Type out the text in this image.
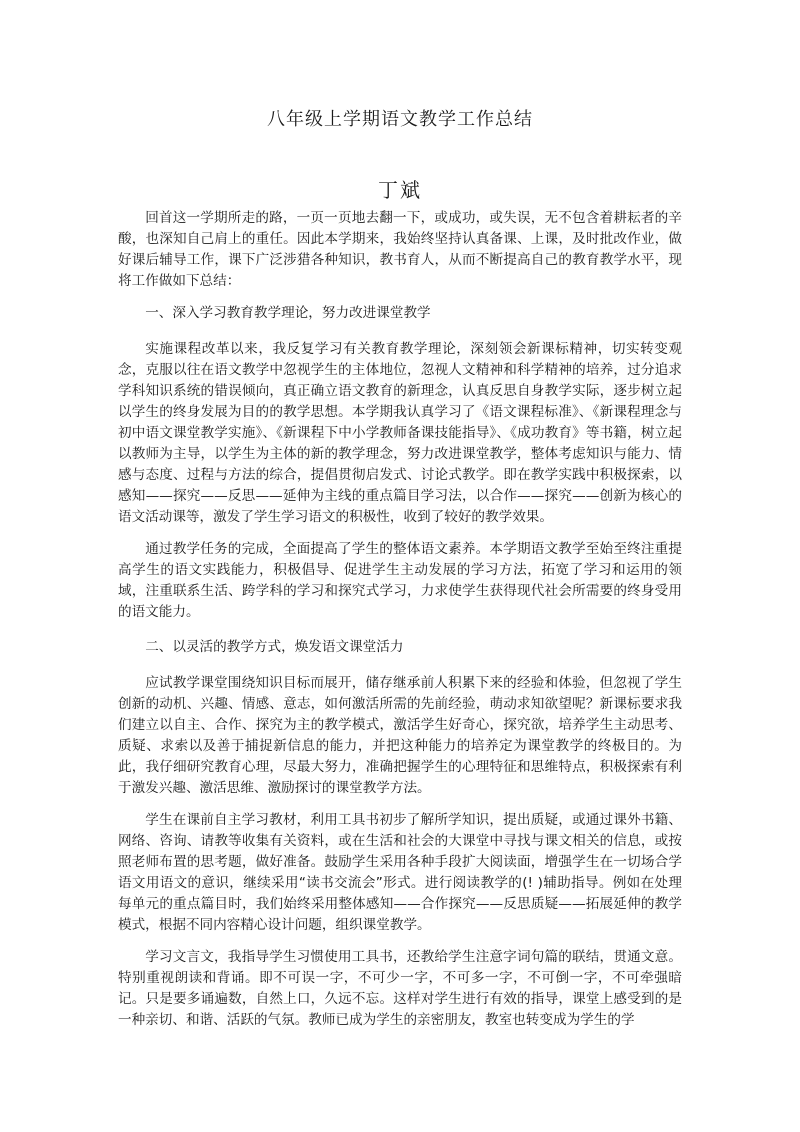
八年级上学期语文教学工作总结
丁斌

回首这一学期所走的路，一页一页地去翻一下，或成功，或失误，无不包含着耕耘者的辛酸，也深知自己肩上的重任。因此本学期来，我始终坚持认真备课、上课，及时批改作业，做好课后辅导工作，课下广泛涉猎各种知识，教书育人，从而不断提高自己的教育教学水平，现将工作做如下总结：

一、深入学习教育教学理论，努力改进课堂教学

实施课程改革以来，我反复学习有关教育教学理论，深刻领会新课标精神，切实转变观念，克服以往在语文教学中忽视学生的主体地位，忽视人文精神和科学精神的培养，过分追求学科知识系统的错误倾向，真正确立语文教育的新理念，认真反思自身教学实际，逐步树立起以学生的终身发展为目的的教学思想。本学期我认真学习了《语文课程标准》、《新课程理念与初中语文课堂教学实施》、《新课程下中小学教师备课技能指导》、《成功教育》等书籍，树立起以教师为主导，以学生为主体的新的教学理念，努力改进课堂教学，整体考虑知识与能力、情感与态度、过程与方法的综合，提倡贯彻启发式、讨论式教学。即在教学实践中积极探索，以感知——探究——反思——延伸为主线的重点篇目学习法，以合作——探究——创新为核心的语文活动课等，激发了学生学习语文的积极性，收到了较好的教学效果。

通过教学任务的完成，全面提高了学生的整体语文素养。本学期语文教学至始至终注重提高学生的语文实践能力，积极倡导、促进学生主动发展的学习方法，拓宽了学习和运用的领域，注重联系生活、跨学科的学习和探究式学习，力求使学生获得现代社会所需要的终身受用的语文能力。

二、以灵活的教学方式，焕发语文课堂活力

应试教学课堂围绕知识目标而展开，储存继承前人积累下来的经验和体验，但忽视了学生创新的动机、兴趣、情感、意志，如何激活所需的先前经验，萌动求知欲望呢？新课标要求我们建立以自主、合作、探究为主的教学模式，激活学生好奇心，探究欲，培养学生主动思考、质疑、求索以及善于捕捉新信息的能力，并把这种能力的培养定为课堂教学的终极目的。为此，我仔细研究教育心理，尽最大努力，准确把握学生的心理特征和思维特点，积极探索有利于激发兴趣、激活思维、激励探讨的课堂教学方法。

学生在课前自主学习教材，利用工具书初步了解所学知识，提出质疑，或通过课外书籍、网络、咨询、请教等收集有关资料，或在生活和社会的大课堂中寻找与课文相关的信息，或按照老师布置的思考题，做好准备。鼓励学生采用各种手段扩大阅读面，增强学生在一切场合学语文用语文的意识，继续采用“读书交流会”形式。进行阅读教学的(! )辅助指导。例如在处理每单元的重点篇目时，我们始终采用整体感知——合作探究——反思质疑——拓展延伸的教学模式，根据不同内容精心设计问题，组织课堂教学。

学习文言文，我指导学生习惯使用工具书，还教给学生注意字词句篇的联结，贯通文意。特别重视朗读和背诵。即不可误一字，不可少一字，不可多一字，不可倒一字，不可牵强暗记。只是要多诵遍数，自然上口，久远不忘。这样对学生进行有效的指导，课堂上感受到的是一种亲切、和谐、活跃的气氛。教师已成为学生的亲密朋友，教室也转变成为学生的学
